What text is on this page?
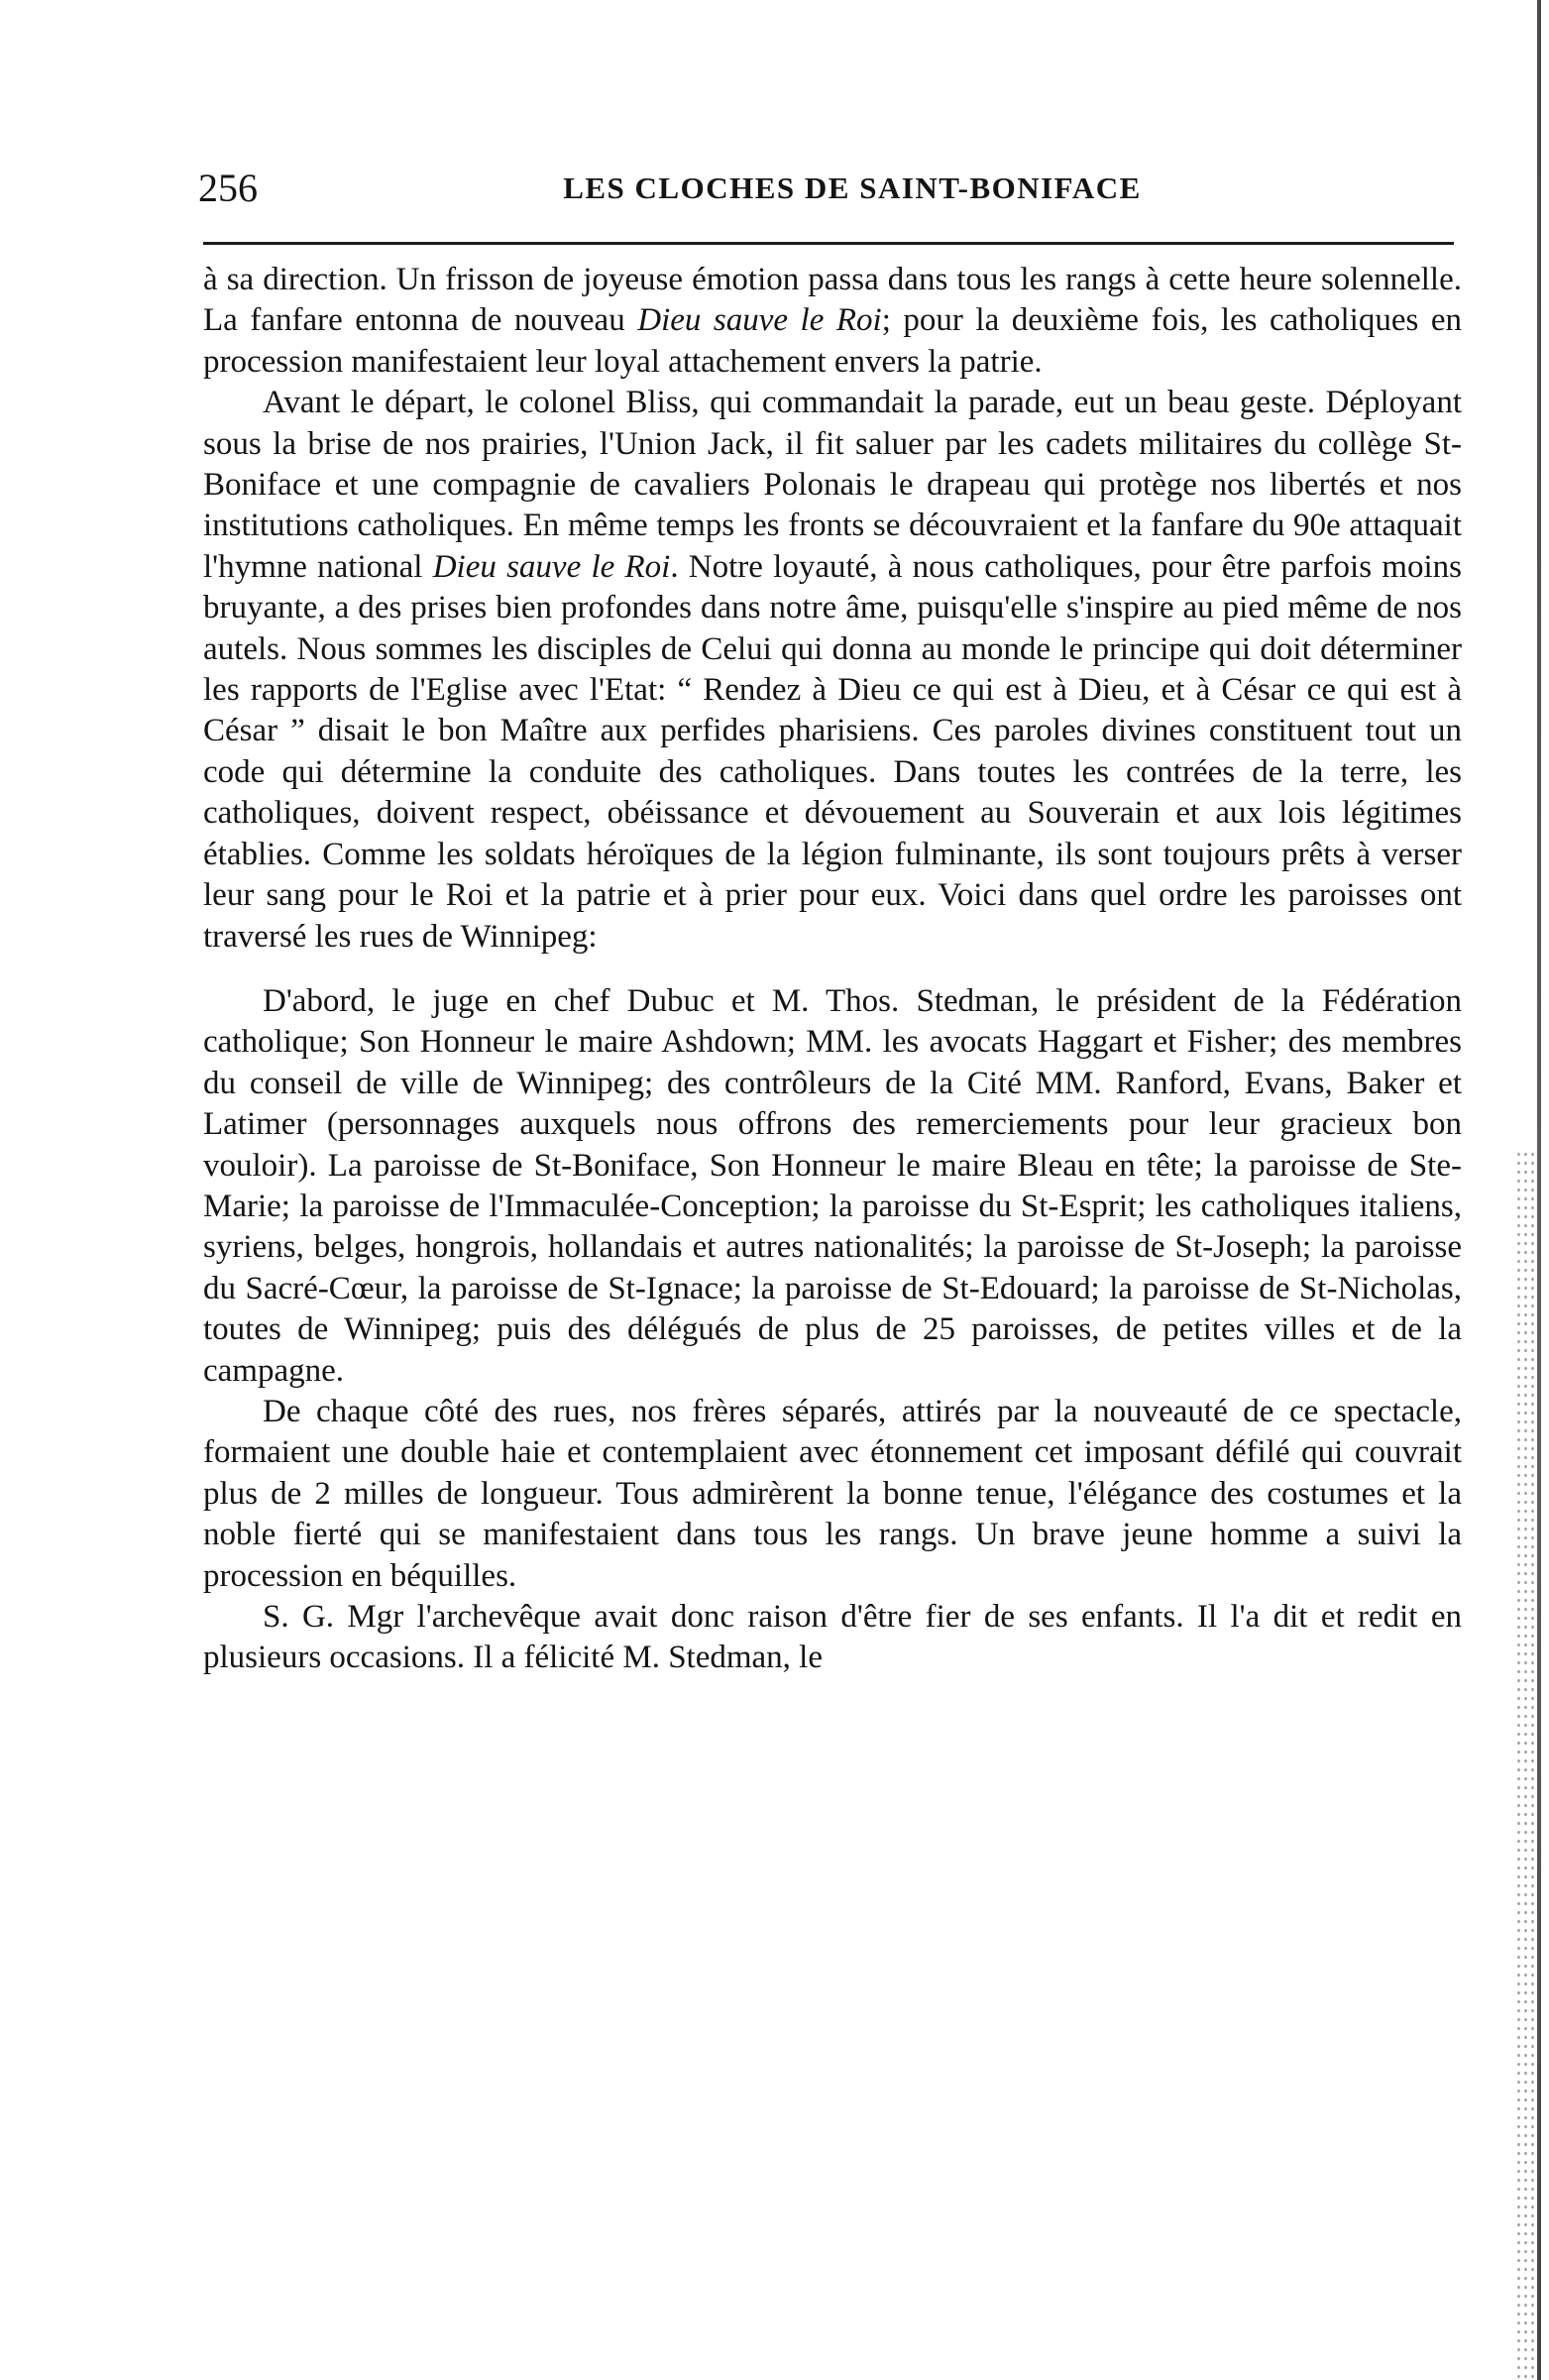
256	LES CLOCHES DE SAINT-BONIFACE

à sa direction. Un frisson de joyeuse émotion passa dans tous les rangs à cette heure solennelle. La fanfare entonna de nouveau Dieu sauve le Roi; pour la deuxième fois, les catholiques en procession manifestaient leur loyal attachement envers la patrie.

Avant le départ, le colonel Bliss, qui commandait la parade, eut un beau geste. Déployant sous la brise de nos prairies, l'Union Jack, il fit saluer par les cadets militaires du collège St-Boniface et une compagnie de cavaliers Polonais le drapeau qui protège nos libertés et nos institutions catholiques. En même temps les fronts se découvraient et la fanfare du 90e attaquait l'hymne national Dieu sauve le Roi. Notre loyauté, à nous catholiques, pour être parfois moins bruyante, a des prises bien profondes dans notre âme, puisqu'elle s'inspire au pied même de nos autels. Nous sommes les disciples de Celui qui donna au monde le principe qui doit déterminer les rapports de l'Eglise avec l'Etat: “ Rendez à Dieu ce qui est à Dieu, et à César ce qui est à César ” disait le bon Maître aux perfides pharisiens. Ces paroles divines constituent tout un code qui détermine la conduite des catholiques. Dans toutes les contrées de la terre, les catholiques, doivent respect, obéissance et dévouement au Souverain et aux lois légitimes établies. Comme les soldats héroïques de la légion fulminante, ils sont toujours prêts à verser leur sang pour le Roi et la patrie et à prier pour eux. Voici dans quel ordre les paroisses ont traversé les rues de Winnipeg:

D'abord, le juge en chef Dubuc et M. Thos. Stedman, le président de la Fédération catholique; Son Honneur le maire Ashdown; MM. les avocats Haggart et Fisher; des membres du conseil de ville de Winnipeg; des contrôleurs de la Cité MM. Ranford, Evans, Baker et Latimer (personnages auxquels nous offrons des remerciements pour leur gracieux bon vouloir). La paroisse de St-Boniface, Son Honneur le maire Bleau en tête; la paroisse de Ste-Marie; la paroisse de l'Immaculée-Conception; la paroisse du St-Esprit; les catholiques italiens, syriens, belges, hongrois, hollandais et autres nationalités; la paroisse de St-Joseph; la paroisse du Sacré-Cœur, la paroisse de St-Ignace; la paroisse de St-Edouard; la paroisse de St-Nicholas, toutes de Winnipeg; puis des délégués de plus de 25 paroisses, de petites villes et de la campagne.

De chaque côté des rues, nos frères séparés, attirés par la nouveauté de ce spectacle, formaient une double haie et contemplaient avec étonnement cet imposant défilé qui couvrait plus de 2 milles de longueur. Tous admirèrent la bonne tenue, l'élégance des costumes et la noble fierté qui se manifestaient dans tous les rangs. Un brave jeune homme a suivi la procession en béquilles.

S. G. Mgr l'archevêque avait donc raison d'être fier de ses enfants. Il l'a dit et redit en plusieurs occasions. Il a félicité M. Stedman, le
